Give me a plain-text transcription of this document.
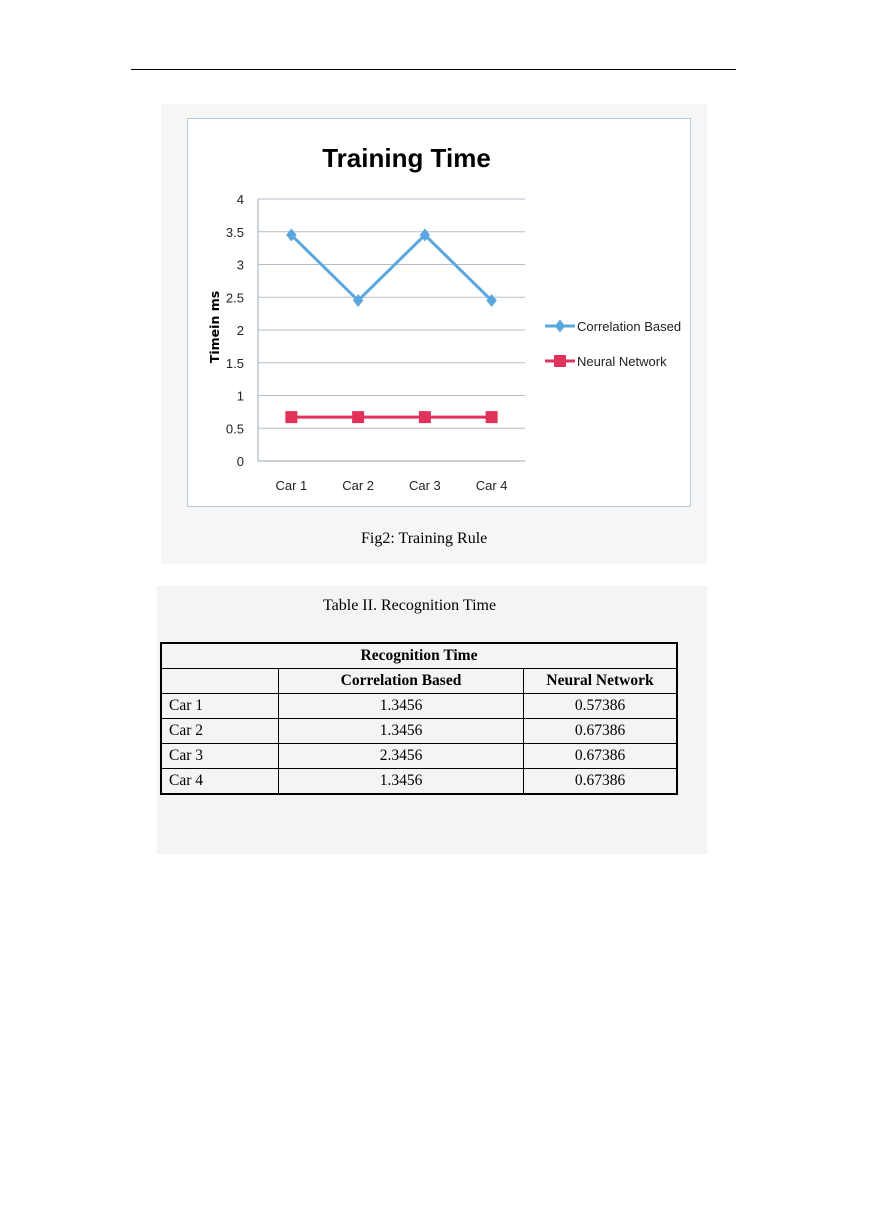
Training Time
0
0.5
1
1.5
2
2.5
3
3.5
4
Timein ms
Car 1	Car 2	Car 3	Car 4
Correlation Based
Neural Network
Fig2: Training Rule
Table II. Recognition Time
Recognition Time		
	Correlation Based	Neural Network
Car 1	1.3456	0.57386
Car 2	1.3456	0.67386
Car 3	2.3456	0.67386
Car 4	1.3456	0.67386
